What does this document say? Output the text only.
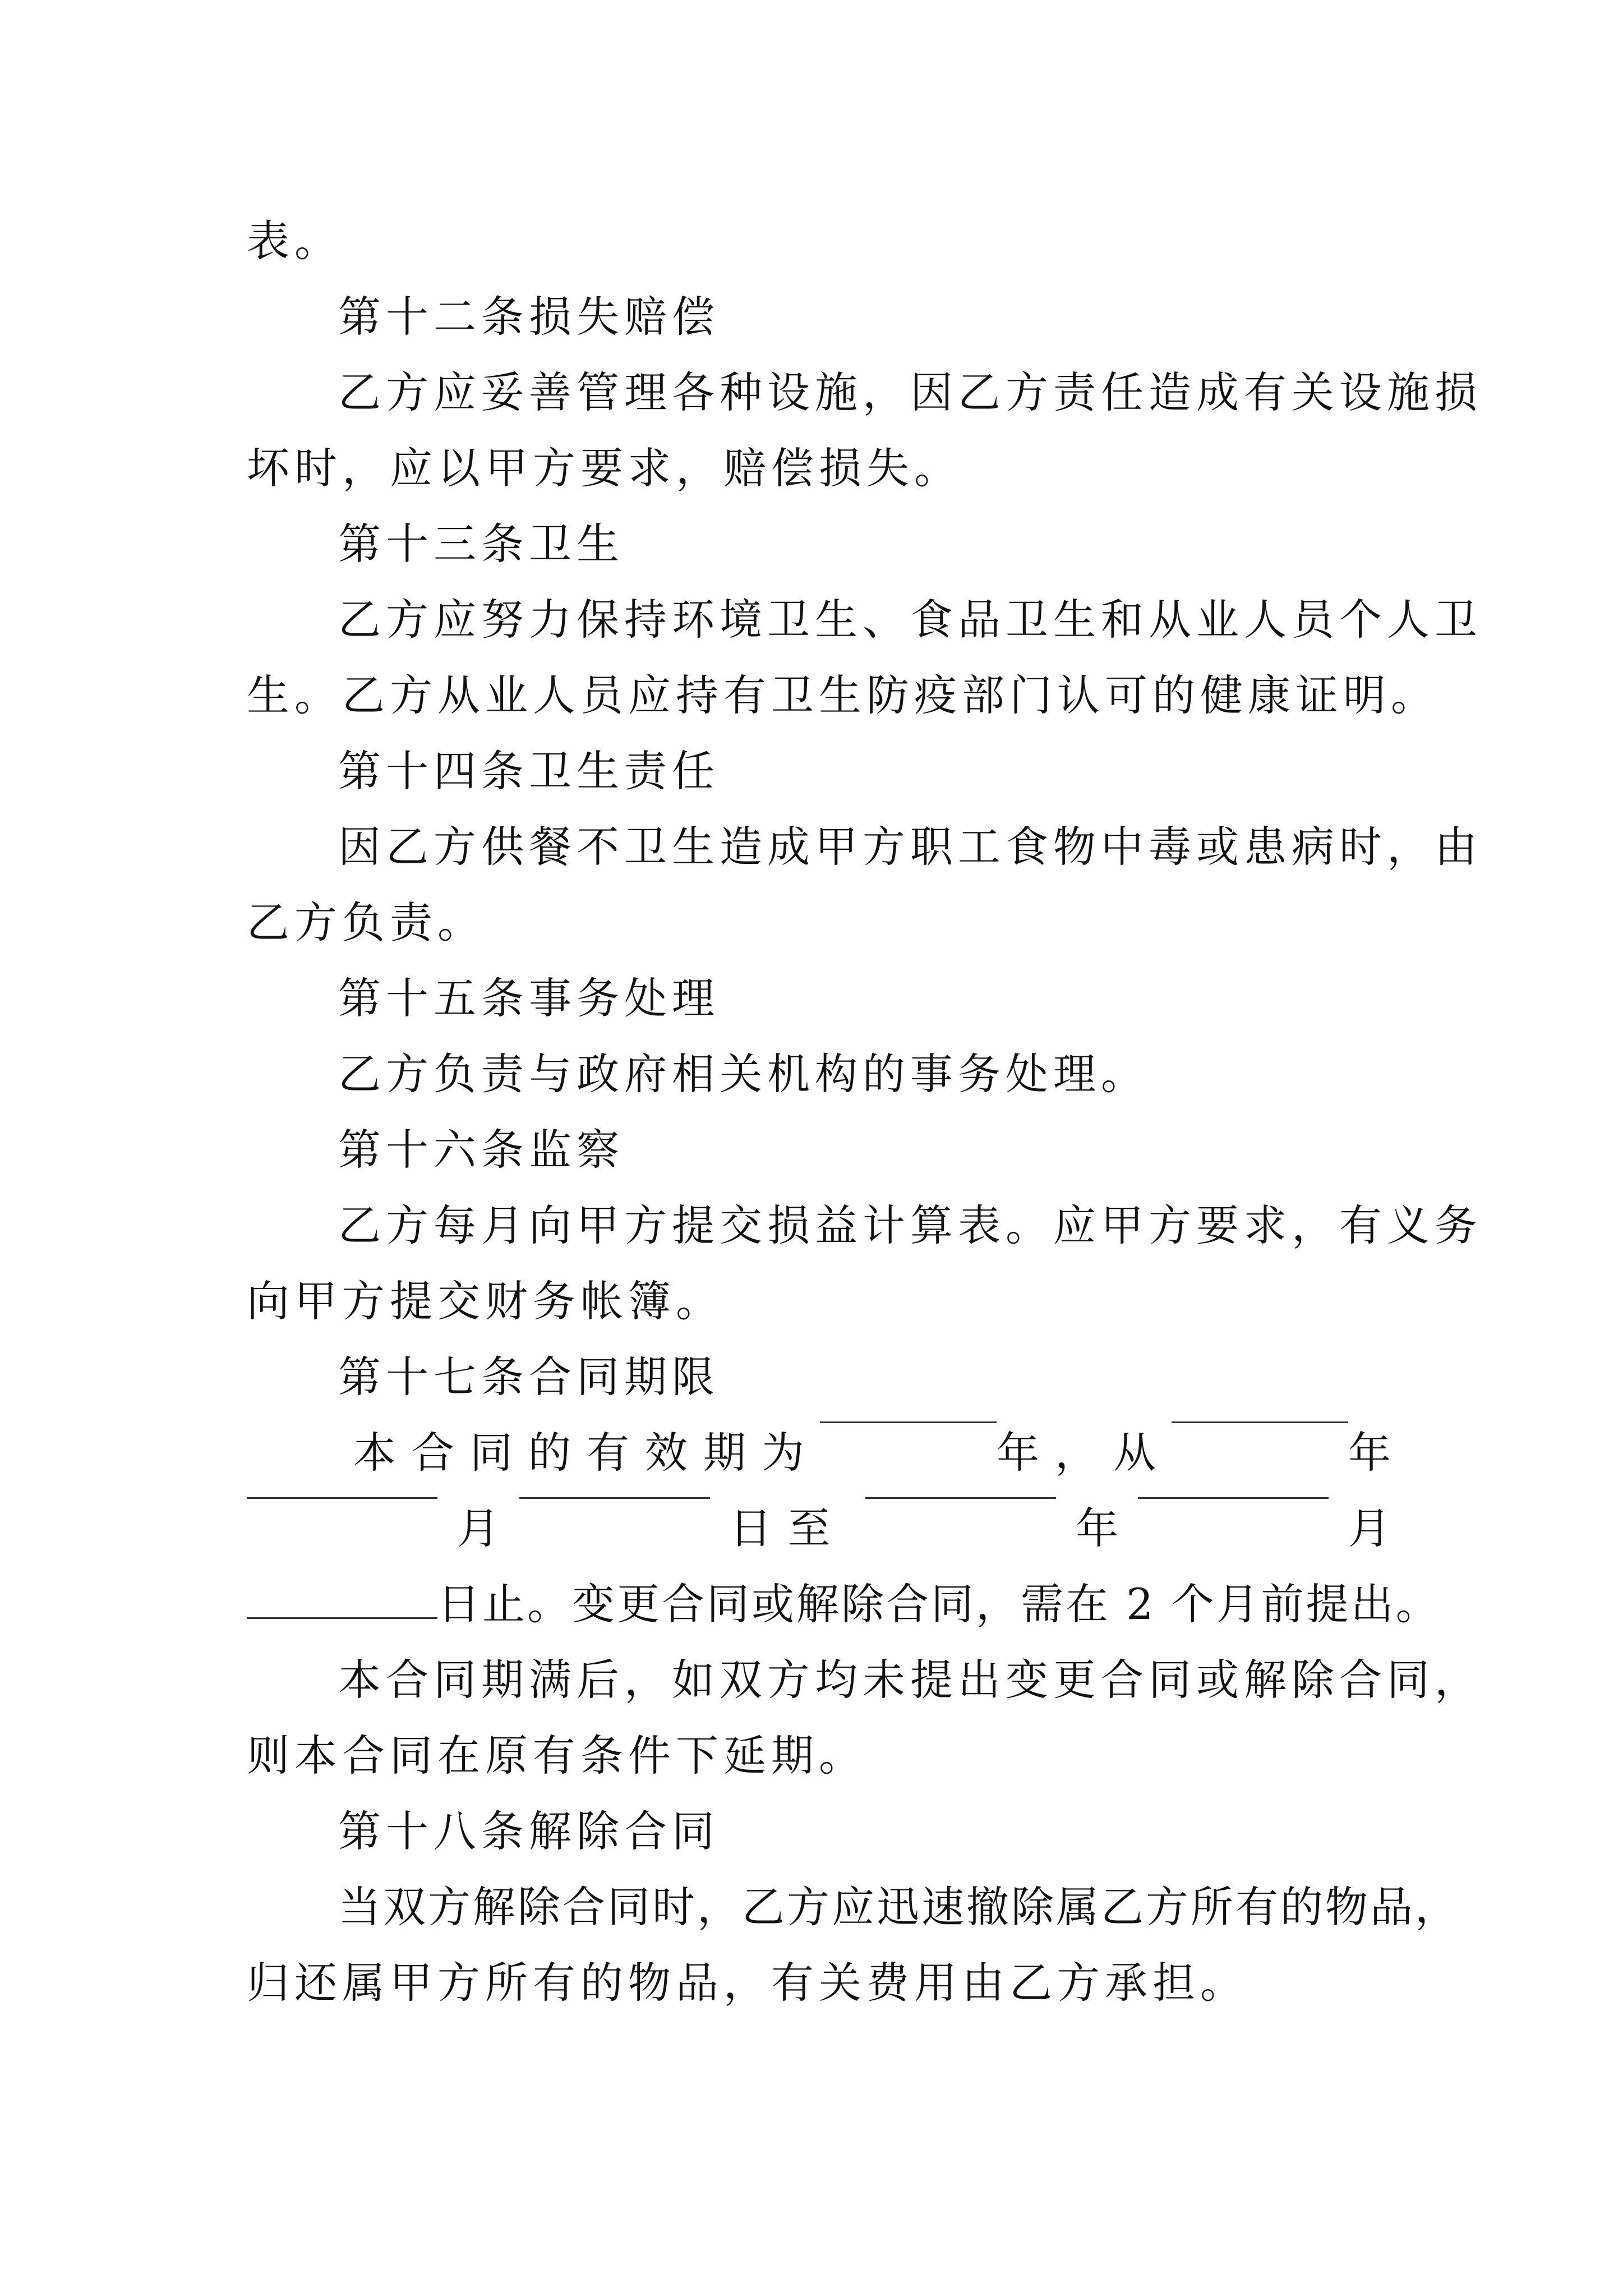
表。
第十二条损失赔偿
乙方应妥善管理各种设施，因乙方责任造成有关设施损
坏时，应以甲方要求，赔偿损失。
第十三条卫生
乙方应努力保持环境卫生、食品卫生和从业人员个人卫
生。乙方从业人员应持有卫生防疫部门认可的健康证明。
第十四条卫生责任
因乙方供餐不卫生造成甲方职工食物中毒或患病时，由
乙方负责。
第十五条事务处理
乙方负责与政府相关机构的事务处理。
第十六条监察
乙方每月向甲方提交损益计算表。应甲方要求，有义务
向甲方提交财务帐簿。
第十七条合同期限
本合同的有效期为	年，从	年
月	日至	年	月
日止。变更合同或解除合同，需在 2 个月前提出。
本合同期满后，如双方均未提出变更合同或解除合同，
则本合同在原有条件下延期。
第十八条解除合同
当双方解除合同时，乙方应迅速撤除属乙方所有的物品，
归还属甲方所有的物品，有关费用由乙方承担。
